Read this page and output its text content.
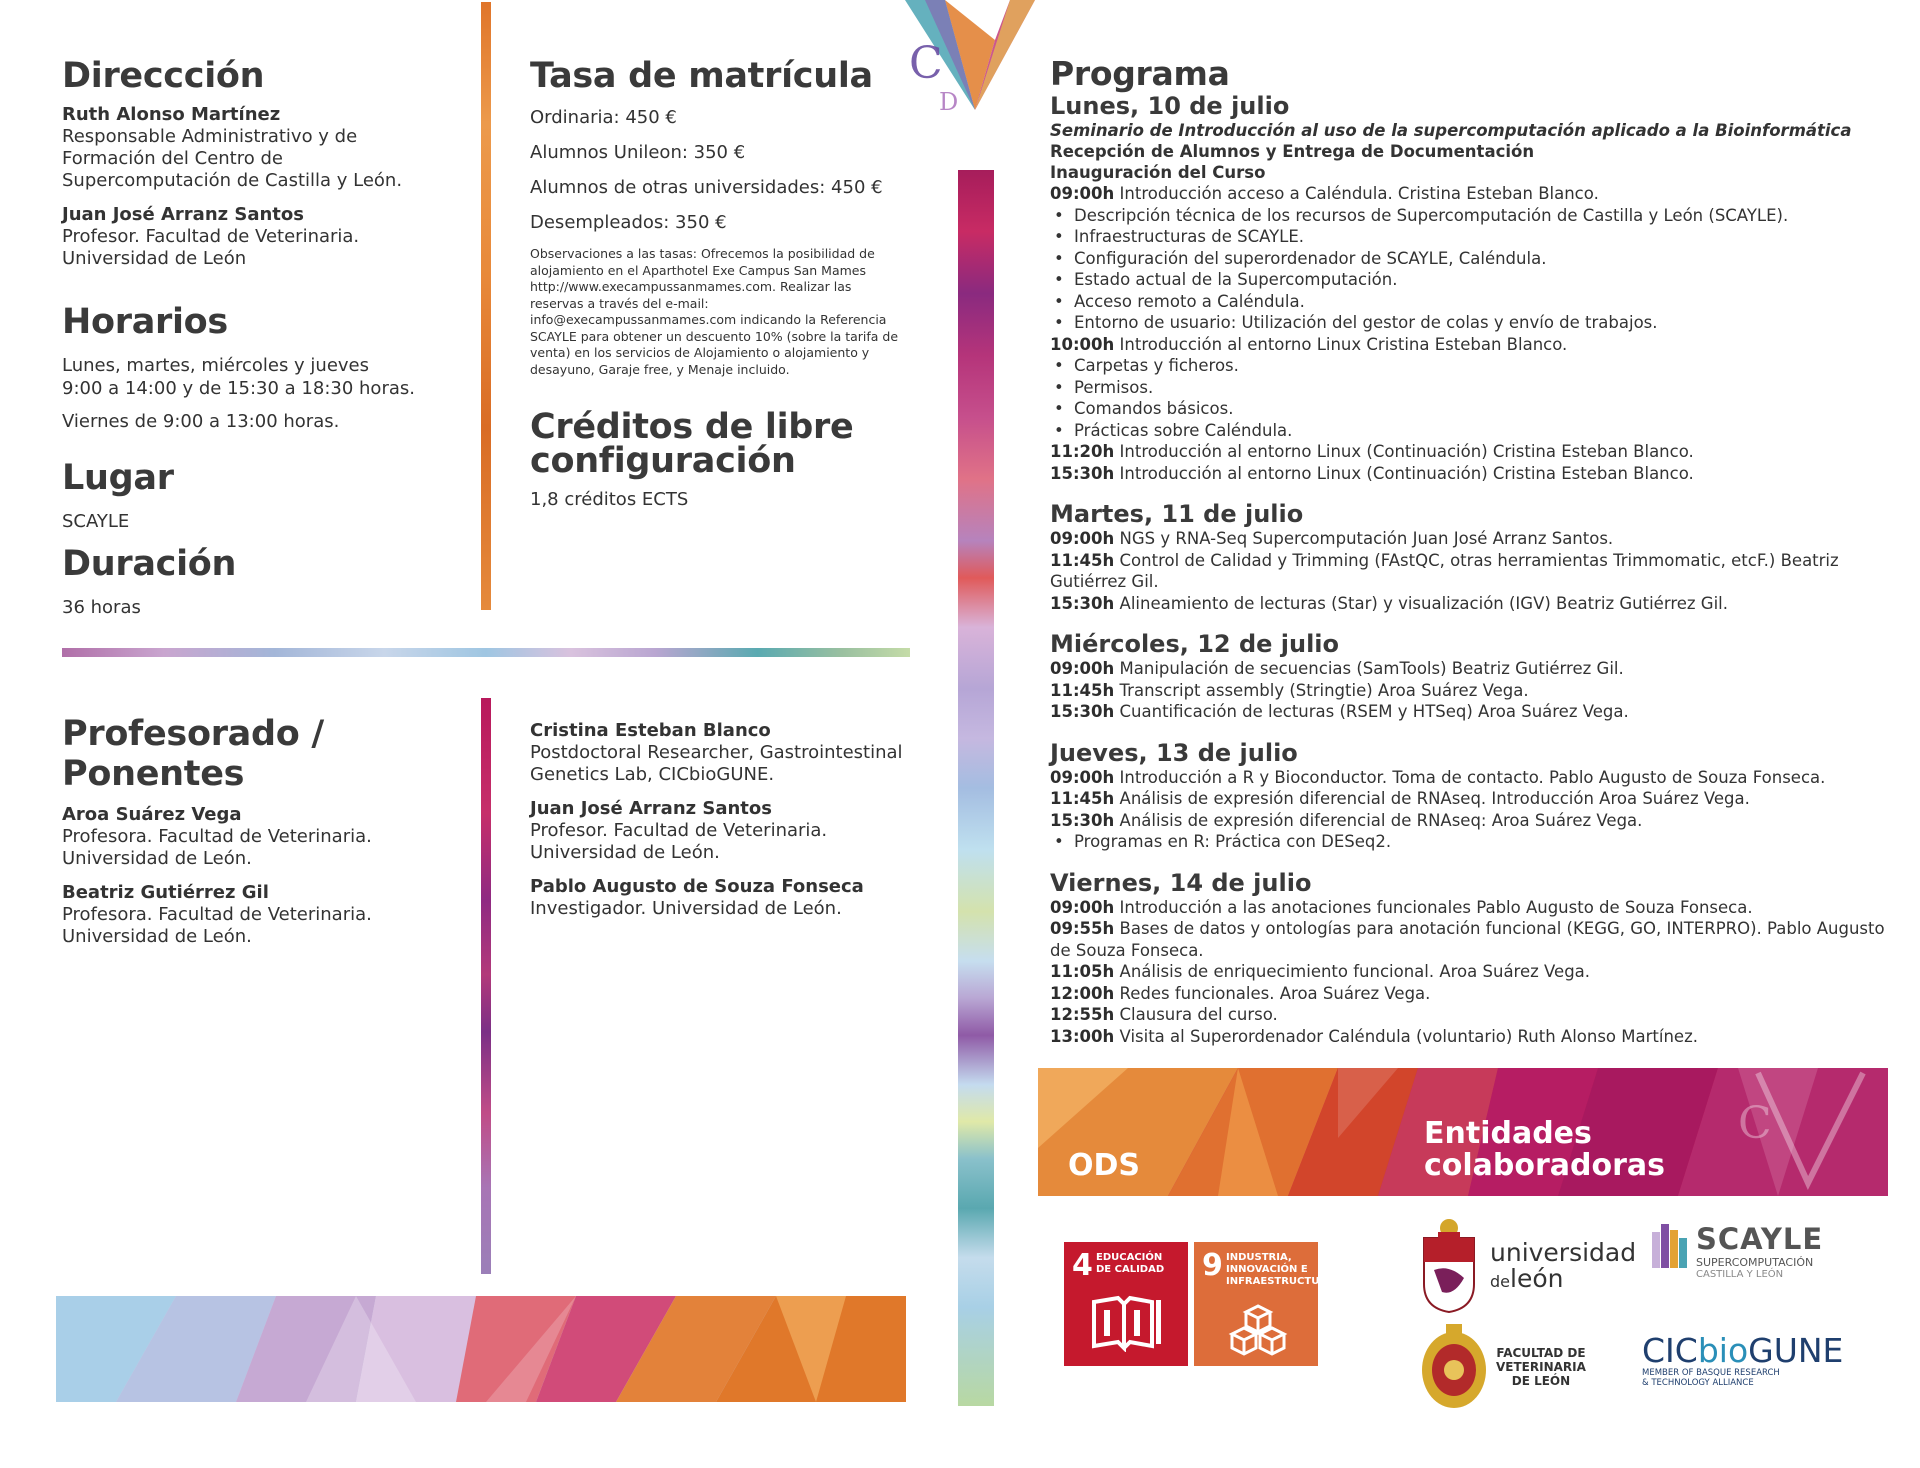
Direccción
Ruth Alonso Martínez
Responsable Administrativo y de
Formación del Centro de
Supercomputación de Castilla y León.
Juan José Arranz Santos
Profesor. Facultad de Veterinaria.
Universidad de León
Horarios
Lunes, martes, miércoles y jueves
9:00 a 14:00 y de 15:30 a 18:30 horas.
Viernes de 9:00 a 13:00 horas.
Lugar
SCAYLE
Duración
36 horas
Tasa de matrícula
Ordinaria: 450 €
Alumnos Unileon: 350 €
Alumnos de otras universidades: 450 €
Desempleados: 350 €
Observaciones a las tasas: Ofrecemos la posibilidad de
alojamiento en el Aparthotel Exe Campus San Mames
http://www.execampussanmames.com. Realizar las
reservas a través del e-mail:
info@execampussanmames.com indicando la Referencia
SCAYLE para obtener un descuento 10% (sobre la tarifa de
venta) en los servicios de Alojamiento o alojamiento y
desayuno, Garaje free, y Menaje incluido.
Créditos de libre
configuración
1,8 créditos ECTS
Profesorado / Ponentes
Aroa Suárez Vega
Profesora. Facultad de Veterinaria.
Universidad de León.
Beatriz Gutiérrez Gil
Profesora. Facultad de Veterinaria.
Universidad de León.
Cristina Esteban Blanco
Postdoctoral Researcher, Gastrointestinal
Genetics Lab, CICbioGUNE.
Juan José Arranz Santos
Profesor. Facultad de Veterinaria.
Universidad de León.
Pablo Augusto de Souza Fonseca
Investigador. Universidad de León.
C
D
Programa
Lunes, 10 de julio
Seminario de Introducción al uso de la supercomputación aplicado a la Bioinformática
Recepción de Alumnos y Entrega de Documentación
Inauguración del Curso
09:00h Introducción acceso a Caléndula. Cristina Esteban Blanco.
• Descripción técnica de los recursos de Supercomputación de Castilla y León (SCAYLE).
• Infraestructuras de SCAYLE.
• Configuración del superordenador de SCAYLE, Caléndula.
• Estado actual de la Supercomputación.
• Acceso remoto a Caléndula.
• Entorno de usuario: Utilización del gestor de colas y envío de trabajos.
10:00h Introducción al entorno Linux Cristina Esteban Blanco.
• Carpetas y ficheros.
• Permisos.
• Comandos básicos.
• Prácticas sobre Caléndula.
11:20h Introducción al entorno Linux (Continuación) Cristina Esteban Blanco.
15:30h Introducción al entorno Linux (Continuación) Cristina Esteban Blanco.
Martes, 11 de julio
09:00h NGS y RNA-Seq Supercomputación Juan José Arranz Santos.
11:45h Control de Calidad y Trimming (FAstQC, otras herramientas Trimmomatic, etcF.) Beatriz Gutiérrez Gil.
15:30h Alineamiento de lecturas (Star) y visualización (IGV) Beatriz Gutiérrez Gil.
Miércoles, 12 de julio
09:00h Manipulación de secuencias (SamTools) Beatriz Gutiérrez Gil.
11:45h Transcript assembly (Stringtie) Aroa Suárez Vega.
15:30h Cuantificación de lecturas (RSEM y HTSeq) Aroa Suárez Vega.
Jueves, 13 de julio
09:00h Introducción a R y Bioconductor. Toma de contacto. Pablo Augusto de Souza Fonseca.
11:45h Análisis de expresión diferencial de RNAseq. Introducción Aroa Suárez Vega.
15:30h Análisis de expresión diferencial de RNAseq: Aroa Suárez Vega.
• Programas en R: Práctica con DESeq2.
Viernes, 14 de julio
09:00h Introducción a las anotaciones funcionales Pablo Augusto de Souza Fonseca.
09:55h Bases de datos y ontologías para anotación funcional (KEGG, GO, INTERPRO). Pablo Augusto de Souza Fonseca.
11:05h Análisis de enriquecimiento funcional. Aroa Suárez Vega.
12:00h Redes funcionales. Aroa Suárez Vega.
12:55h Clausura del curso.
13:00h Visita al Superordenador Caléndula (voluntario) Ruth Alonso Martínez.
ODS
Entidades
colaboradoras
C
4 EDUCACIÓN
DE CALIDAD 9 INDUSTRIA,
INNOVACIÓN E
INFRAESTRUCTURA
universidad
deleón
SCAYLE
SUPERCOMPUTACIÓN
CASTILLA Y LEÓN
FACULTAD DE
VETERINARIA
DE LEÓN
CICbioGUNE
MEMBER OF BASQUE RESEARCH
& TECHNOLOGY ALLIANCE
